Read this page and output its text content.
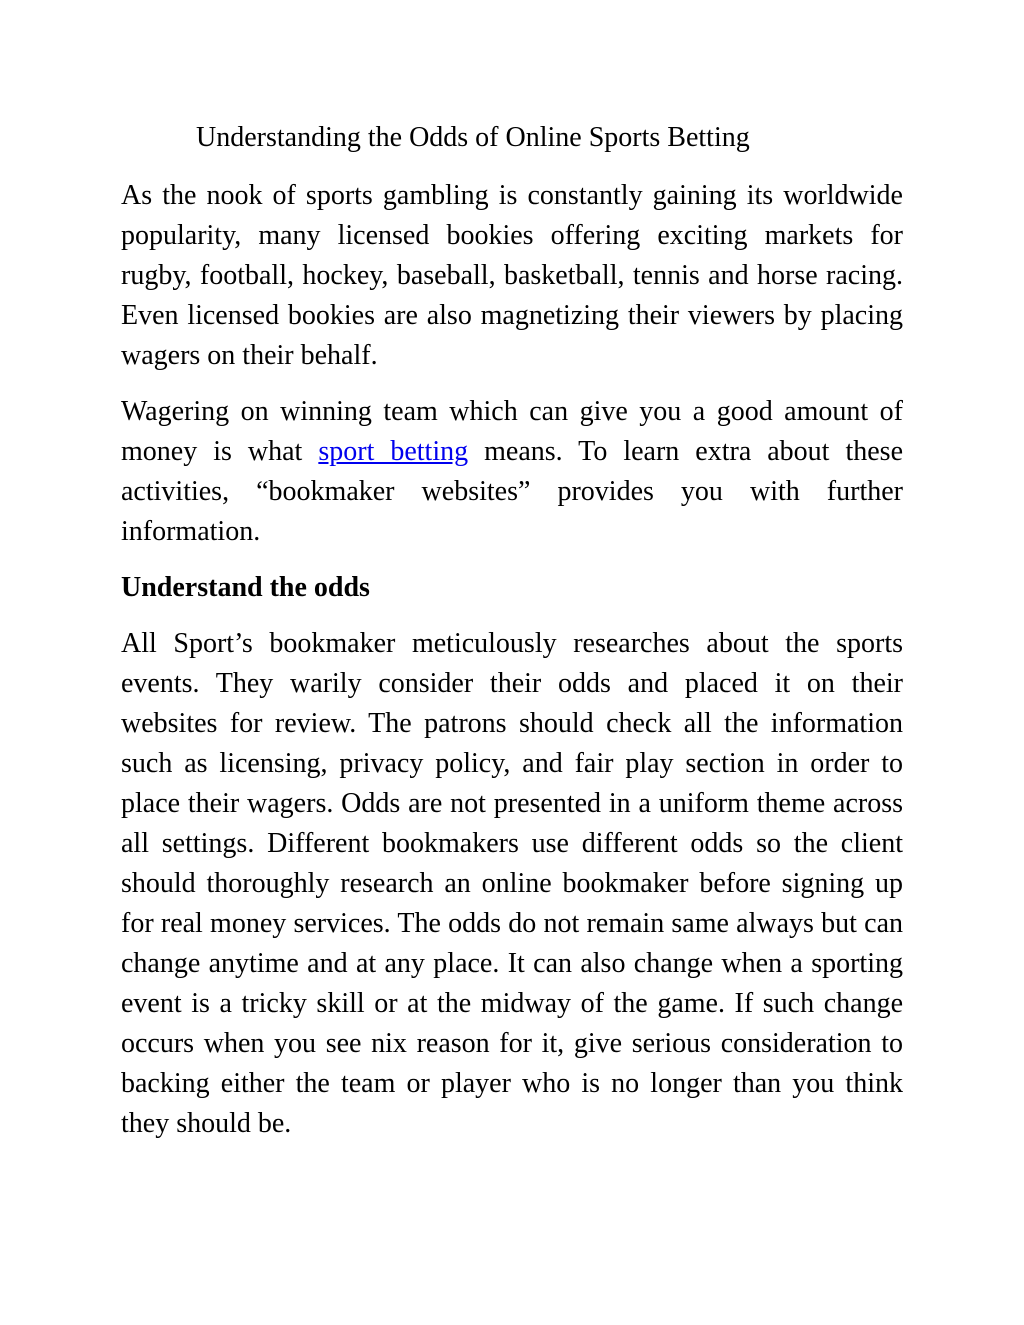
Understanding the Odds of Online Sports Betting

As the nook of sports gambling is constantly gaining its worldwide popularity, many licensed bookies offering exciting markets for rugby, football, hockey, baseball, basketball, tennis and horse racing. Even licensed bookies are also magnetizing their viewers by placing wagers on their behalf.

Wagering on winning team which can give you a good amount of money is what sport betting means. To learn extra about these activities, “bookmaker websites” provides you with further information.

Understand the odds

All Sport’s bookmaker meticulously researches about the sports events. They warily consider their odds and placed it on their websites for review. The patrons should check all the information such as licensing, privacy policy, and fair play section in order to place their wagers. Odds are not presented in a uniform theme across all settings. Different bookmakers use different odds so the client should thoroughly research an online bookmaker before signing up for real money services. The odds do not remain same always but can change anytime and at any place. It can also change when a sporting event is a tricky skill or at the midway of the game. If such change occurs when you see nix reason for it, give serious consideration to backing either the team or player who is no longer than you think they should be.
